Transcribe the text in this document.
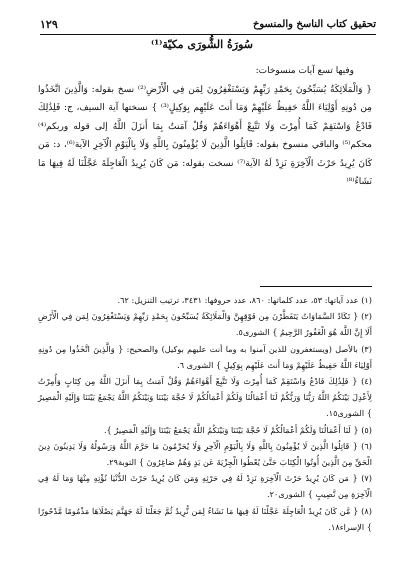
تحقيق كتاب الناسخ والمنسوخ
١٢٩
سُورَةُ الشُّورَى مكيّة⁽¹⁾

وفيها تسع آيات منسوخات:

{ وَالْمَلَائِكَةُ يُسَبِّحُونَ بِحَمْدِ رَبِّهِمْ وَيَسْتَغْفِرُونَ لِمَن فِي الْأَرْضِ⁽²⁾ نسخ بقوله: وَالَّذِينَ اتَّخَذُوا مِن دُونِهِ أَوْلِيَاءَ اللَّهُ حَفِيظٌ عَلَيْهِمْ وَمَا أَنتَ عَلَيْهِم بِوَكِيلٍ⁽³⁾ } نسختها آية السيف، ج: فَلِذَٰلِكَ فَادْعُ وَاسْتَقِمْ كَمَا أُمِرْتَ وَلَا تَتَّبِعْ أَهْوَاءَهُمْ وَقُلْ آمَنتُ بِمَا أَنزَلَ اللَّهُ إلى قوله وربكم⁽⁴⁾ محكم⁽⁵⁾ والباقي منسوخ بقوله: قَاتِلُوا الَّذِينَ لَا يُؤْمِنُونَ بِاللَّهِ وَلَا بِالْيَوْمِ الْآخِرِ الآية⁽⁶⁾، د: مَن كَانَ يُرِيدُ حَرْثَ الْآخِرَةِ نَزِدْ لَهُ الآية⁽⁷⁾ نسخت بقوله: مَن كَانَ يُرِيدُ الْعَاجِلَةَ عَجَّلْنَا لَهُ فِيهَا مَا نَشَاءُ⁽⁸⁾

(١) عدد آياتها: ٥٣، عدد كلماتها: ٨٦٠، عدد حروفها: ٣٤٣١، ترتيب التنزيل: ٦٢.

(٢) { تَكَادُ السَّمَاوَاتُ يَتَفَطَّرْنَ مِن فَوْقِهِنَّ وَالْمَلَائِكَةُ يُسَبِّحُونَ بِحَمْدِ رَبِّهِمْ وَيَسْتَغْفِرُونَ لِمَن فِي الْأَرْضِ أَلَا إِنَّ اللَّهَ هُوَ الْغَفُورُ الرَّحِيمُ } الشورى٥.

(٣) بالأصل (ويستغفرون للذين آمنوا به وما أنت عليهم بوكيل) والصحيح: { وَالَّذِينَ اتَّخَذُوا مِن دُونِهِ أَوْلِيَاءَ اللَّهُ حَفِيظٌ عَلَيْهِمْ وَمَا أَنتَ عَلَيْهِم بِوَكِيلٍ } الشورى ٦.

(٤) { فَلِذَٰلِكَ فَادْعُ وَاسْتَقِمْ كَمَا أُمِرْتَ وَلَا تَتَّبِعْ أَهْوَاءَهُمْ وَقُلْ آمَنتُ بِمَا أَنزَلَ اللَّهُ مِن كِتَابٍ وَأُمِرْتُ لِأَعْدِلَ بَيْنَكُمُ اللَّهُ رَبُّنَا وَرَبُّكُمْ لَنَا أَعْمَالُنَا وَلَكُمْ أَعْمَالُكُمْ لَا حُجَّةَ بَيْنَنَا وَبَيْنَكُمُ اللَّهُ يَجْمَعُ بَيْنَنَا وَإِلَيْهِ الْمَصِيرُ } الشورى١٥.

(٥) { لَنَا أَعْمَالُنَا وَلَكُمْ أَعْمَالُكُمْ لَا حُجَّةَ بَيْنَنَا وَبَيْنَكُمُ اللَّهُ يَجْمَعُ بَيْنَنَا وَإِلَيْهِ الْمَصِيرُ }.

(٦) { قَاتِلُوا الَّذِينَ لَا يُؤْمِنُونَ بِاللَّهِ وَلَا بِالْيَوْمِ الْآخِرِ وَلَا يُحَرِّمُونَ مَا حَرَّمَ اللَّهُ وَرَسُولُهُ وَلَا يَدِينُونَ دِينَ الْحَقِّ مِنَ الَّذِينَ أُوتُوا الْكِتَابَ حَتَّىٰ يُعْطُوا الْجِزْيَةَ عَن يَدٍ وَهُمْ صَاغِرُونَ } التوبة٢٩.

(٧) { مَن كَانَ يُرِيدُ حَرْثَ الْآخِرَةِ نَزِدْ لَهُ فِي حَرْثِهِ وَمَن كَانَ يُرِيدُ حَرْثَ الدُّنْيَا نُؤْتِهِ مِنْهَا وَمَا لَهُ فِي الْآخِرَةِ مِن نَّصِيبٍ } الشورى٢٠.

(٨) { مَّن كَانَ يُرِيدُ الْعَاجِلَةَ عَجَّلْنَا لَهُ فِيهَا مَا نَشَاءُ لِمَن نُّرِيدُ ثُمَّ جَعَلْنَا لَهُ جَهَنَّمَ يَصْلَاهَا مَذْمُومًا مَّدْحُورًا } الإسراء١٨.
